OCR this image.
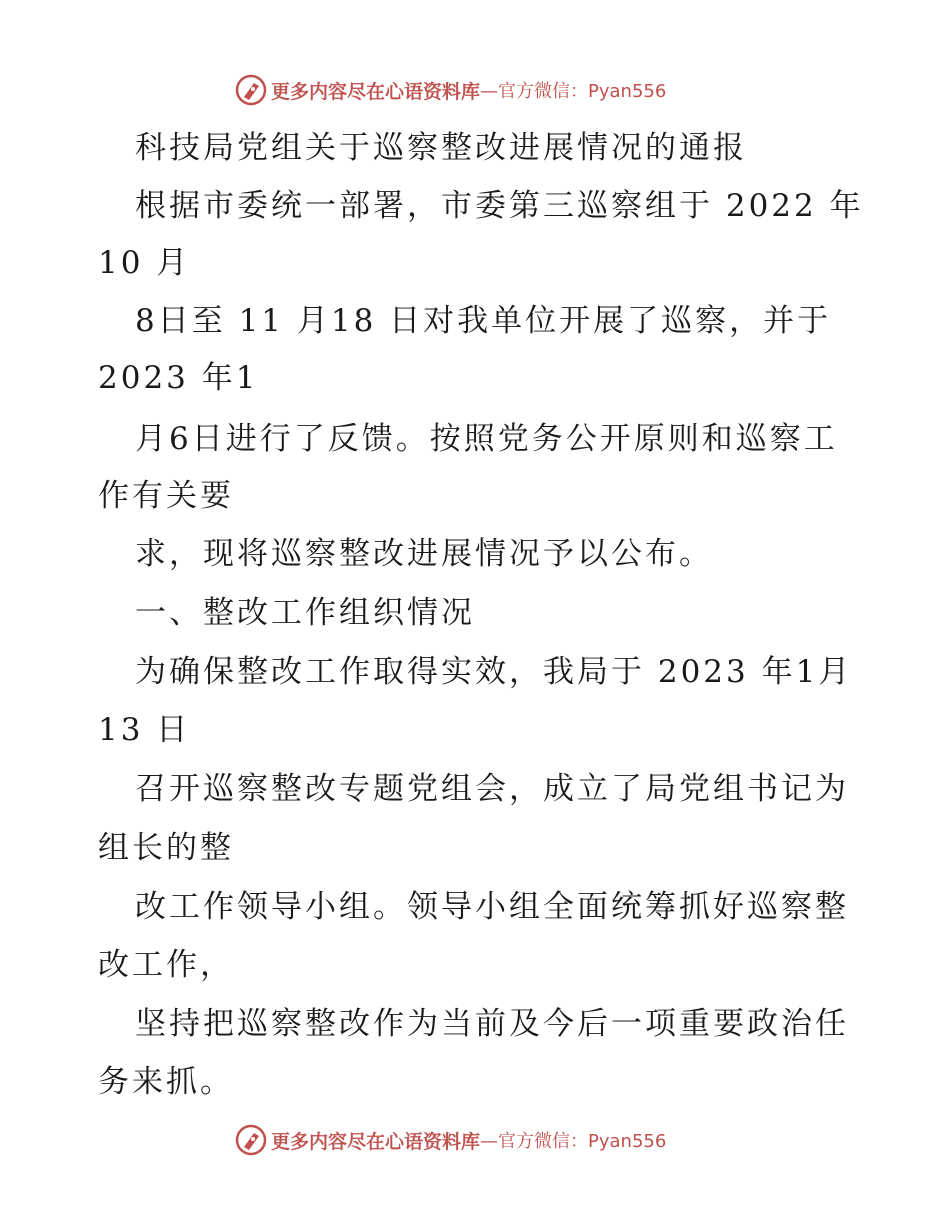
更多内容尽在心语资料库 —官方微信：Pyan556
科技局党组关于巡察整改进展情况的通报
根据市委统一部署，市委第三巡察组于 2022 年
10 月
8日至 11 月18 日对我单位开展了巡察，并于
2023 年1
月6日进行了反馈。按照党务公开原则和巡察工
作有关要
求，现将巡察整改进展情况予以公布。
一、整改工作组织情况
为确保整改工作取得实效，我局于 2023 年1月
13 日
召开巡察整改专题党组会，成立了局党组书记为
组长的整
改工作领导小组。领导小组全面统筹抓好巡察整
改工作，
坚持把巡察整改作为当前及今后一项重要政治任
务来抓。
更多内容尽在心语资料库 —官方微信：Pyan556
